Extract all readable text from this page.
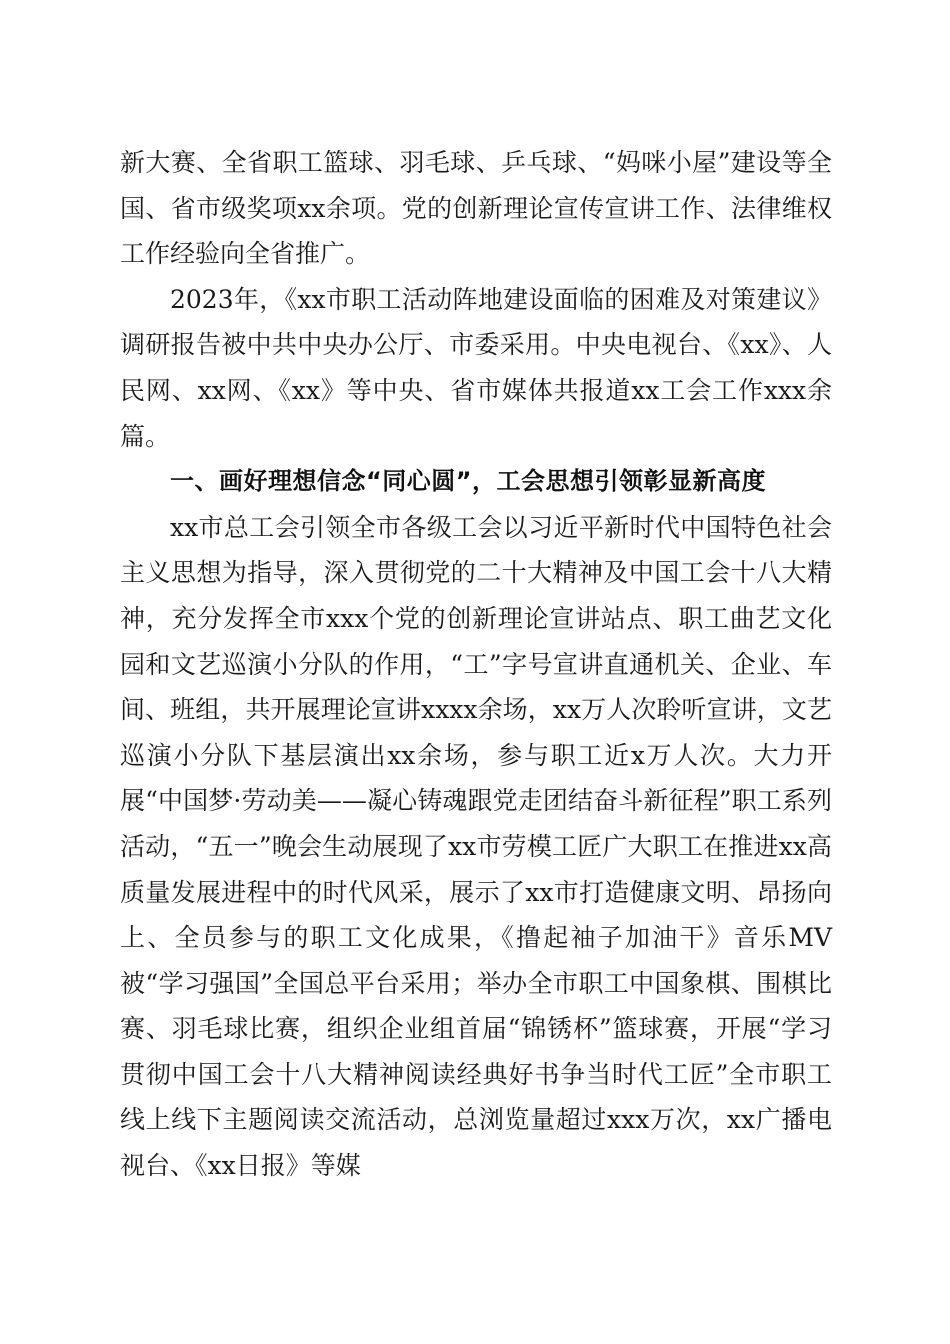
新大赛、全省职工篮球、羽毛球、乒乓球、“妈咪小屋”建设等全国、省市级奖项xx余项。党的创新理论宣传宣讲工作、法律维权工作经验向全省推广。

2023年，《xx市职工活动阵地建设面临的困难及对策建议》调研报告被中共中央办公厅、市委采用。中央电视台、《xx》、人民网、xx网、《xx》等中央、省市媒体共报道xx工会工作xxx余篇。

一、画好理想信念“同心圆”，工会思想引领彰显新高度

xx市总工会引领全市各级工会以习近平新时代中国特色社会主义思想为指导，深入贯彻党的二十大精神及中国工会十八大精神，充分发挥全市xxx个党的创新理论宣讲站点、职工曲艺文化园和文艺巡演小分队的作用，“工”字号宣讲直通机关、企业、车间、班组，共开展理论宣讲xxxx余场，xx万人次聆听宣讲，文艺巡演小分队下基层演出xx余场，参与职工近x万人次。大力开展“中国梦·劳动美——凝心铸魂跟党走团结奋斗新征程”职工系列活动，“五一”晚会生动展现了xx市劳模工匠广大职工在推进xx高质量发展进程中的时代风采，展示了xx市打造健康文明、昂扬向上、全员参与的职工文化成果，《撸起袖子加油干》音乐MV被“学习强国”全国总平台采用；举办全市职工中国象棋、围棋比赛、羽毛球比赛，组织企业组首届“锦锈杯”篮球赛，开展“学习贯彻中国工会十八大精神阅读经典好书争当时代工匠”全市职工线上线下主题阅读交流活动，总浏览量超过xxx万次，xx广播电视台、《xx日报》等媒
